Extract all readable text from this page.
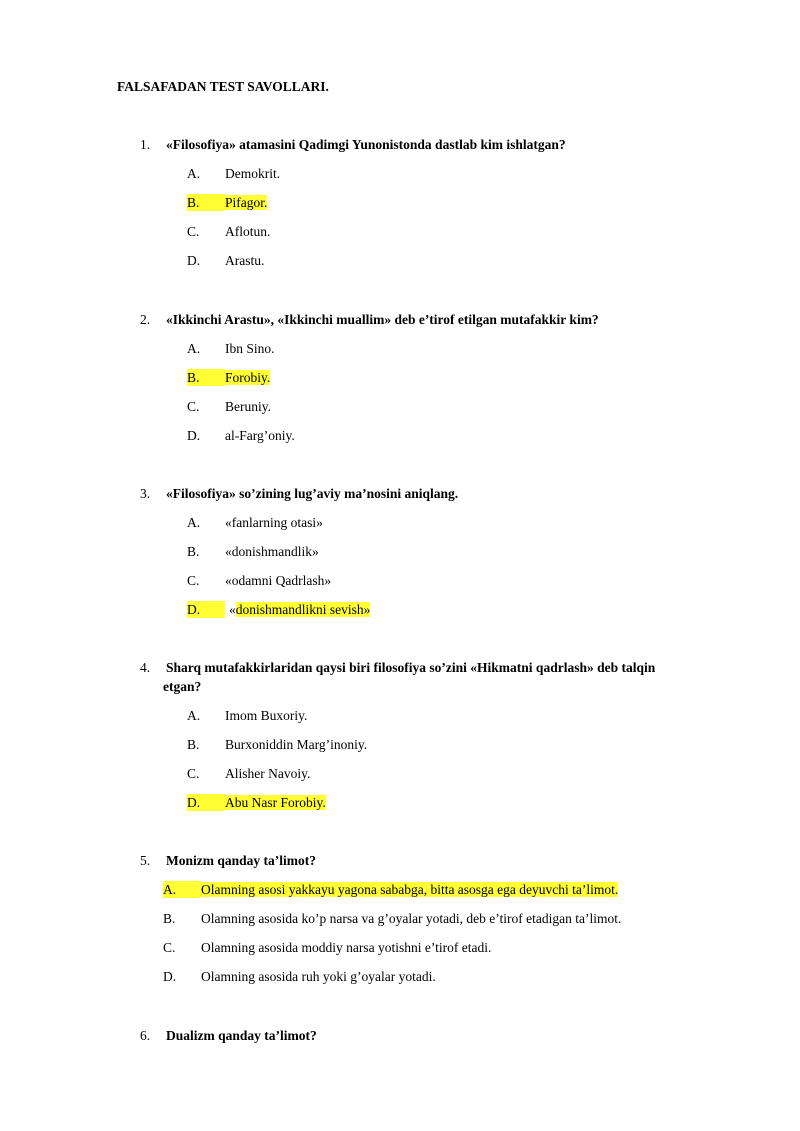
FALSAFADAN TEST SAVOLLARI.
1. «Filosofiya» atamasini Qadimgi Yunonistonda dastlab kim ishlatgan?
A. Demokrit.
B. Pifagor.
C. Aflotun.
D. Arastu.
2. «Ikkinchi Arastu», «Ikkinchi muallim» deb e’tirof etilgan mutafakkir kim?
A. Ibn Sino.
B. Forobiy.
C. Beruniy.
D. al-Farg’oniy.
3. «Filosofiya» so’zining lug’aviy ma’nosini aniqlang.
A. «fanlarning otasi»
B. «donishmandlik»
C. «odamni Qadrlash»
D. «donishmandlikni sevish»
4. Sharq mutafakkirlaridan qaysi biri filosofiya so’zini «Hikmatni qadrlash» deb talqin
etgan?
A. Imom Buxoriy.
B. Burxoniddin Marg’inoniy.
C. Alisher Navoiy.
D. Abu Nasr Forobiy.
5. Monizm qanday ta’limot?
A. Olamning asosi yakkayu yagona sababga, bitta asosga ega deyuvchi ta’limot.
B. Olamning asosida ko’p narsa va g’oyalar yotadi, deb e’tirof etadigan ta’limot.
C. Olamning asosida moddiy narsa yotishni e’tirof etadi.
D. Olamning asosida ruh yoki g’oyalar yotadi.
6. Dualizm qanday ta’limot?
